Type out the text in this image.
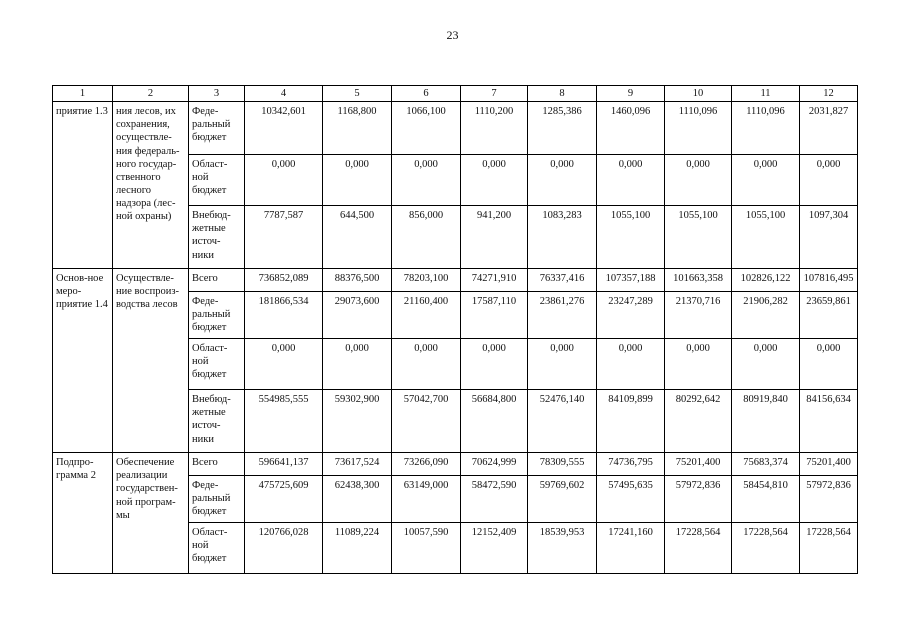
23
1	2	3	4	5	6	7	8	9	10	11	12
приятие 1.3	ния лесов, их сохранения, осуществле-ния федераль-ного государ-ственного лесного надзора (лес-ной охраны)	Феде-ральный бюджет	10342,601	1168,800	1066,100	1110,200	1285,386	1460,096	1110,096	1110,096	2031,827
		Област-ной бюджет	0,000	0,000	0,000	0,000	0,000	0,000	0,000	0,000	0,000
		Внебюд-жетные источ-ники	7787,587	644,500	856,000	941,200	1083,283	1055,100	1055,100	1055,100	1097,304
Основ-ное меро-приятие 1.4	Осуществле-ние воспроиз-водства лесов	Всего	736852,089	88376,500	78203,100	74271,910	76337,416	107357,188	101663,358	102826,122	107816,495
		Феде-ральный бюджет	181866,534	29073,600	21160,400	17587,110	23861,276	23247,289	21370,716	21906,282	23659,861
		Област-ной бюджет	0,000	0,000	0,000	0,000	0,000	0,000	0,000	0,000	0,000
		Внебюд-жетные источ-ники	554985,555	59302,900	57042,700	56684,800	52476,140	84109,899	80292,642	80919,840	84156,634
Подпро-грамма 2	Обеспечение реализации государствен-ной програм-мы	Всего	596641,137	73617,524	73266,090	70624,999	78309,555	74736,795	75201,400	75683,374	75201,400
		Феде-ральный бюджет	475725,609	62438,300	63149,000	58472,590	59769,602	57495,635	57972,836	58454,810	57972,836
		Област-ной бюджет	120766,028	11089,224	10057,590	12152,409	18539,953	17241,160	17228,564	17228,564	17228,564
